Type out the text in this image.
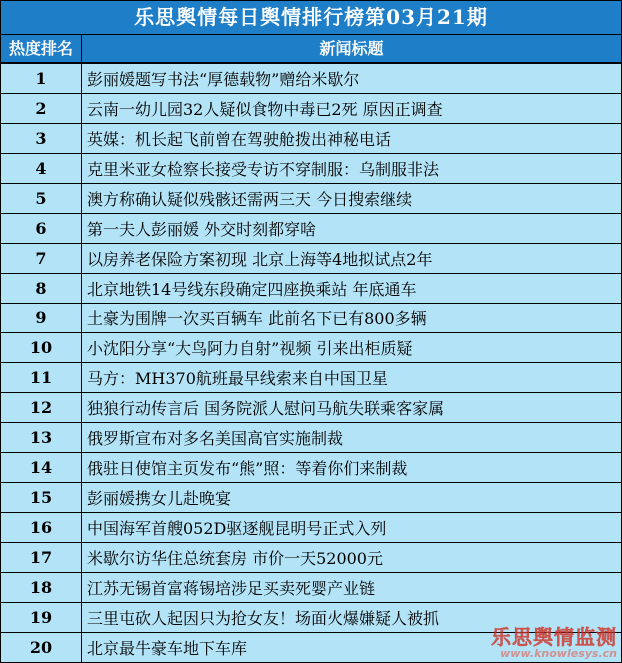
乐思舆情每日舆情排行榜第03月21期
热度排名	新闻标题
1	彭丽媛题写书法“厚德载物”赠给米歇尔
2	云南一幼儿园32人疑似食物中毒已2死 原因正调查
3	英媒：机长起飞前曾在驾驶舱拨出神秘电话
4	克里米亚女检察长接受专访不穿制服：乌制服非法
5	澳方称确认疑似残骸还需两三天 今日搜索继续
6	第一夫人彭丽媛 外交时刻都穿啥
7	以房养老保险方案初现 北京上海等4地拟试点2年
8	北京地铁14号线东段确定四座换乘站 年底通车
9	土豪为围牌一次买百辆车 此前名下已有800多辆
10	小沈阳分享“大鸟阿力自射”视频 引来出柜质疑
11	马方：MH370航班最早线索来自中国卫星
12	独狼行动传言后 国务院派人慰问马航失联乘客家属
13	俄罗斯宣布对多名美国高官实施制裁
14	俄驻日使馆主页发布“熊”照：等着你们来制裁
15	彭丽媛携女儿赴晚宴
16	中国海军首艘052D驱逐舰昆明号正式入列
17	米歇尔访华住总统套房 市价一天52000元
18	江苏无锡首富蒋锡培涉足买卖死婴产业链
19	三里屯砍人起因只为抢女友！场面火爆嫌疑人被抓
20	北京最牛豪车地下车库	乐思舆情监测
www.knowlesys.cn
